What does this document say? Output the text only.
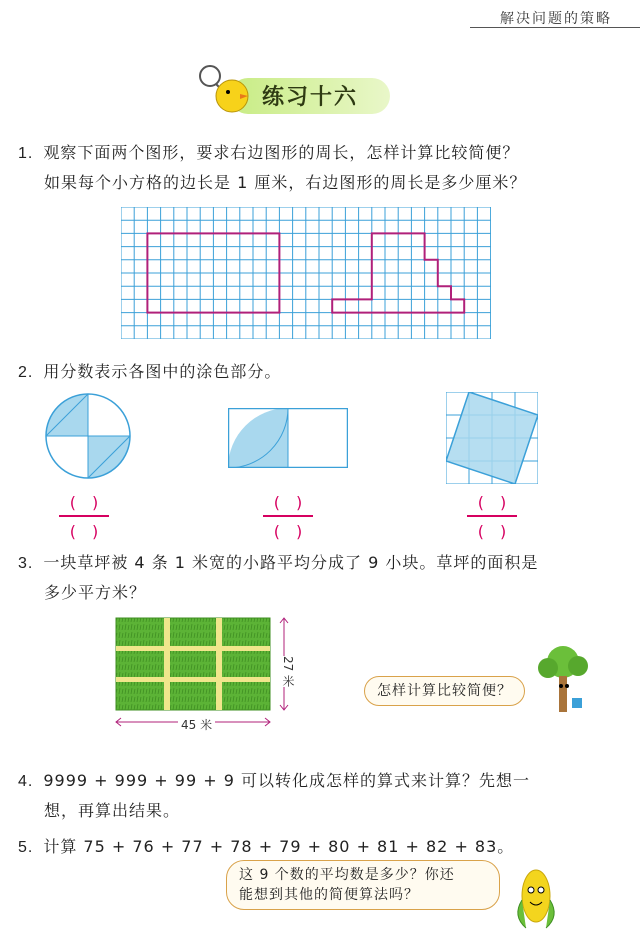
解决问题的策略
练习十六
1. 观察下面两个图形，要求右边图形的周长，怎样计算比较简便？
如果每个小方格的边长是 1 厘米，右边图形的周长是多少厘米？
2. 用分数表示各图中的涂色部分。
(　)
(　)
(　)
(　)
(　)
(　)
3. 一块草坪被 4 条 1 米宽的小路平均分成了 9 小块。草坪的面积是
多少平方米？
45 米
27 米
怎样计算比较简便？
4. 9999 + 999 + 99 + 9 可以转化成怎样的算式来计算？先想一
想，再算出结果。
5. 计算 75 + 76 + 77 + 78 + 79 + 80 + 81 + 82 + 83。
这 9 个数的平均数是多少？你还
能想到其他的简便算法吗？
